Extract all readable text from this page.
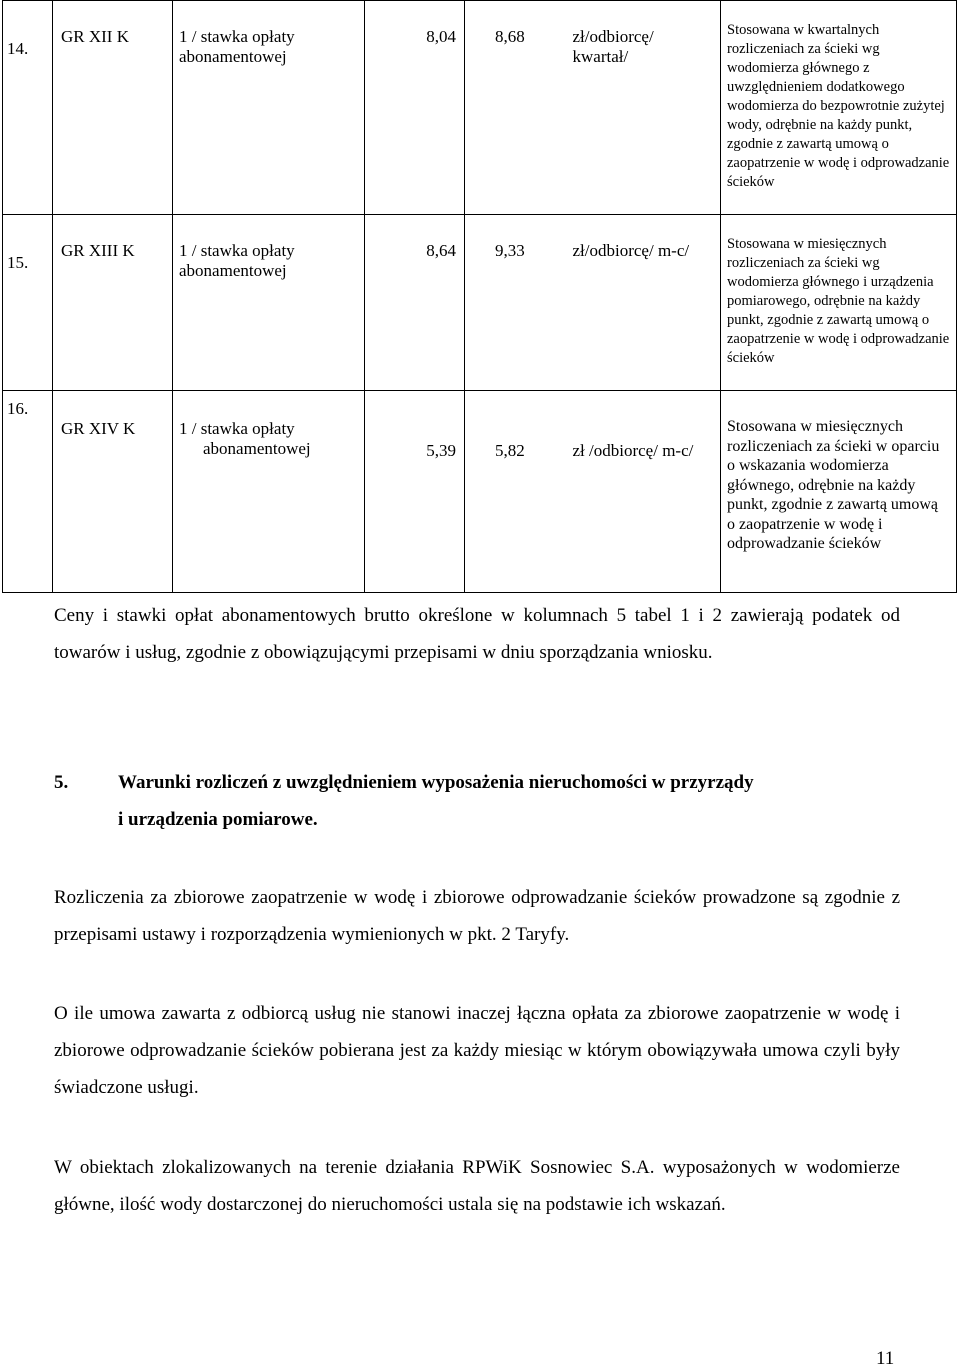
14.	GR XII K	1 / stawka opłaty
abonamentowej	8,04	8,68	zł/odbiorcę/
kwartał/	Stosowana w kwartalnych rozliczeniach za ścieki wg wodomierza głównego z uwzględnieniem dodatkowego wodomierza do bezpowrotnie zużytej wody, odrębnie na każdy punkt, zgodnie z zawartą umową o zaopatrzenie w wodę i odprowadzanie ścieków

15.	GR XIII K	1 / stawka opłaty
abonamentowej	8,64	9,33	zł/odbiorcę/ m-c/	Stosowana w miesięcznych rozliczeniach za ścieki wg wodomierza głównego i urządzenia pomiarowego, odrębnie na każdy punkt, zgodnie z zawartą umową o zaopatrzenie w wodę i odprowadzanie ścieków

16.	GR XIV K	1 / stawka opłaty
abonamentowej	5,39	5,82	zł /odbiorcę/ m-c/	Stosowana w miesięcznych rozliczeniach za ścieki w oparciu o wskazania wodomierza głównego, odrębnie na każdy punkt, zgodnie z zawartą umową o zaopatrzenie w wodę i odprowadzanie ścieków
Ceny i stawki opłat abonamentowych brutto określone w kolumnach 5 tabel 1 i 2 zawierają podatek od towarów i usług, zgodnie z obowiązującymi przepisami w dniu sporządzania wniosku.
5.	Warunki rozliczeń z uwzględnieniem wyposażenia nieruchomości w przyrządy
i urządzenia pomiarowe.
Rozliczenia za zbiorowe zaopatrzenie w wodę i zbiorowe odprowadzanie ścieków prowadzone są zgodnie z przepisami ustawy i rozporządzenia wymienionych w pkt. 2 Taryfy.
O ile umowa zawarta z odbiorcą usług nie stanowi inaczej łączna opłata za zbiorowe zaopatrzenie w wodę i zbiorowe odprowadzanie ścieków pobierana jest za każdy miesiąc w którym obowiązywała umowa czyli były świadczone usługi.
W obiektach zlokalizowanych na terenie działania RPWiK Sosnowiec S.A. wyposażonych w wodomierze główne, ilość wody dostarczonej do nieruchomości ustala się na podstawie ich wskazań.
11
